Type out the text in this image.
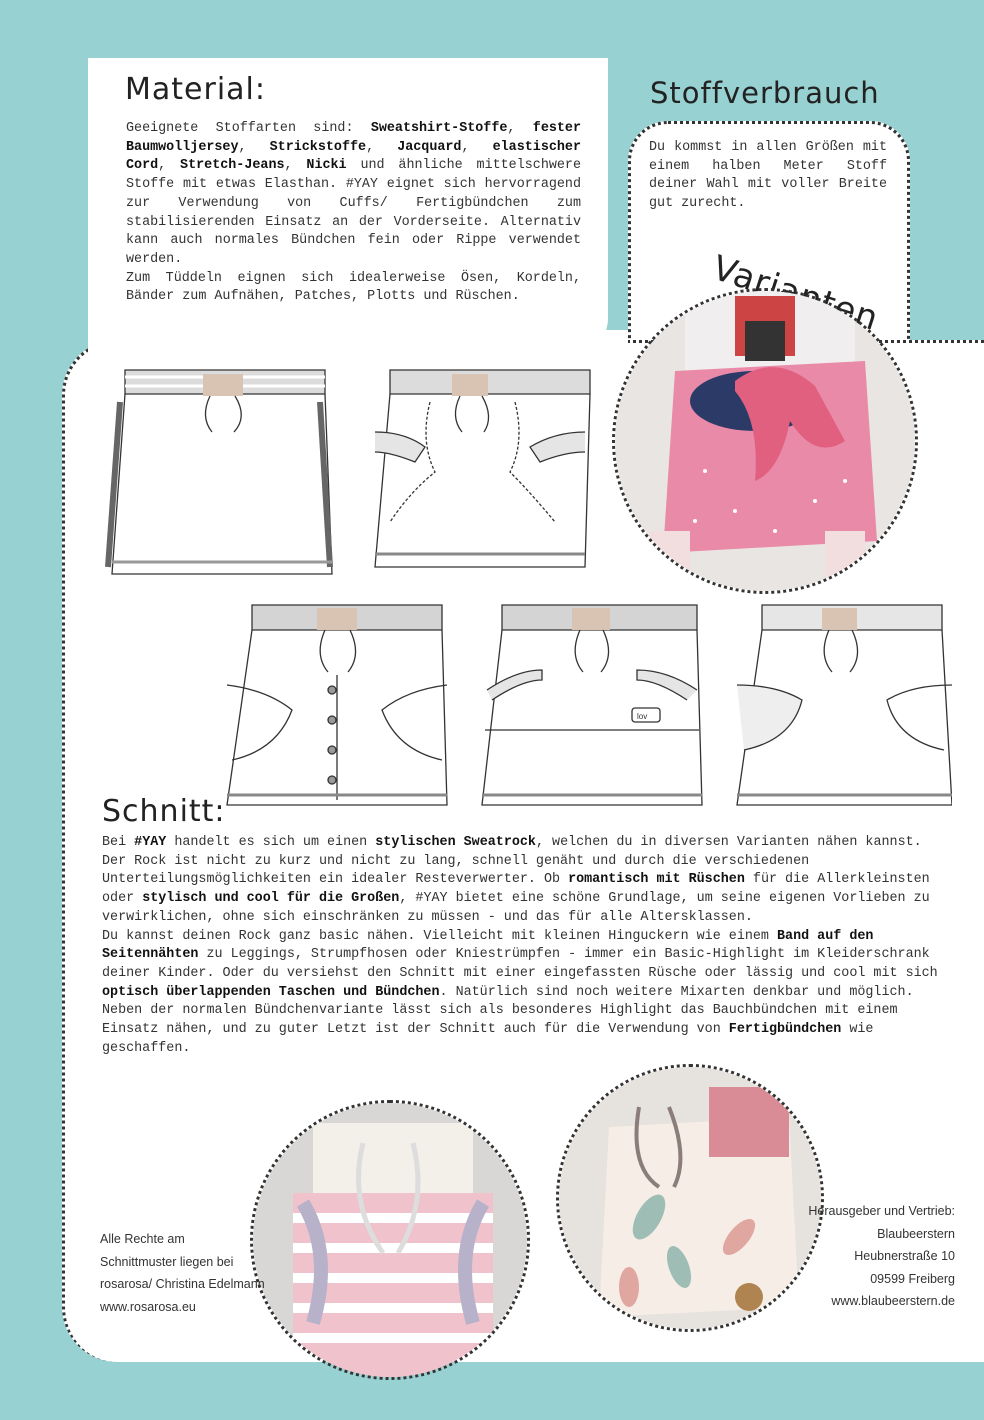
Material:
Geeignete Stoffarten sind: Sweatshirt-Stoffe, fester Baumwolljersey, Strickstoffe, Jacquard, elastischer Cord, Stretch-Jeans, Nicki und ähnliche mittelschwere Stoffe mit etwas Elasthan. #YAY eignet sich hervorragend zur Verwendung von Cuffs/ Fertigbündchen zum stabilisierenden Einsatz an der Vorderseite. Alternativ kann auch normales Bündchen fein oder Rippe verwendet werden.
Zum Tüddeln eignen sich idealerweise Ösen, Kordeln, Bänder zum Aufnähen, Patches, Plotts und Rüschen.
Stoffverbrauch
Du kommst in allen Größen mit einem halben Meter Stoff deiner Wahl mit voller Breite gut zurecht.
lov
Schnitt:
Bei #YAY handelt es sich um einen stylischen Sweatrock, welchen du in diversen Varianten nähen kannst. Der Rock ist nicht zu kurz und nicht zu lang, schnell genäht und durch die verschiedenen Unterteilungsmöglichkeiten ein idealer Resteverwerter. Ob romantisch mit Rüschen für die Allerkleinsten oder stylisch und cool für die Großen, #YAY bietet eine schöne Grundlage, um seine eigenen Vorlieben zu verwirklichen, ohne sich einschränken zu müssen - und das für alle Altersklassen.
Du kannst deinen Rock ganz basic nähen. Vielleicht mit kleinen Hinguckern wie einem Band auf den Seitennähten zu Leggings, Strumpfhosen oder Kniestrümpfen - immer ein Basic-Highlight im Kleiderschrank deiner Kinder. Oder du versiehst den Schnitt mit einer eingefassten Rüsche oder lässig und cool mit sich optisch überlappenden Taschen und Bündchen. Natürlich sind noch weitere Mixarten denkbar und möglich.
Neben der normalen Bündchenvariante lässt sich als besonderes Highlight das Bauchbündchen mit einem Einsatz nähen, und zu guter Letzt ist der Schnitt auch für die Verwendung von Fertigbündchen wie geschaffen.
Alle Rechte am
Schnittmuster liegen bei
rosarosa/ Christina Edelmann
www.rosarosa.eu
Herausgeber und Vertrieb:
Blaubeerstern
Heubnerstraße 10
09599 Freiberg
www.blaubeerstern.de
